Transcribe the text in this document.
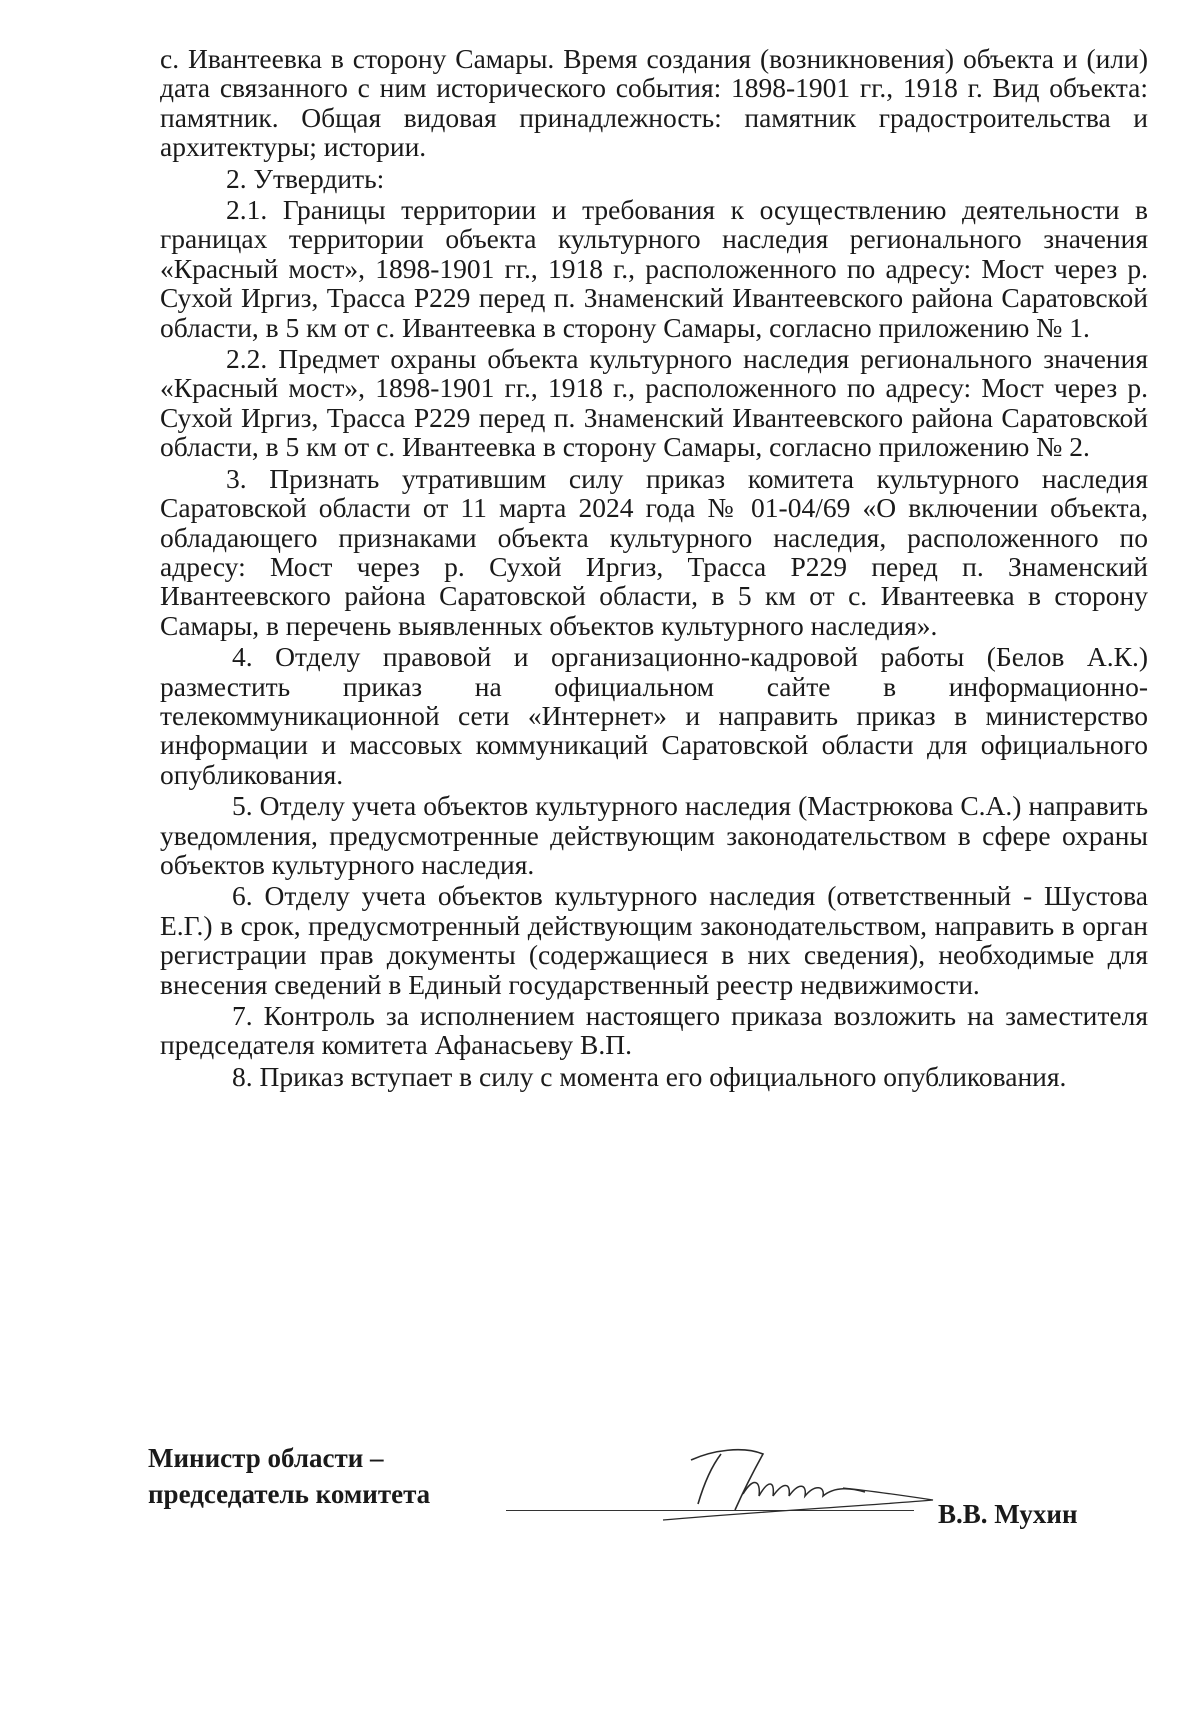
с. Ивантеевка в сторону Самары. Время создания (возникновения) объекта и (или) дата связанного с ним исторического события: 1898-1901 гг., 1918 г. Вид объекта: памятник. Общая видовая принадлежность: памятник градостроительства и архитектуры; истории.

2. Утвердить:

2.1. Границы территории и требования к осуществлению деятельности в границах территории объекта культурного наследия регионального значения «Красный мост», 1898-1901 гг., 1918 г., расположенного по адресу: Мост через р. Сухой Иргиз, Трасса Р229 перед п. Знаменский Ивантеевского района Саратовской области, в 5 км от с. Ивантеевка в сторону Самары, согласно приложению № 1.

2.2. Предмет охраны объекта культурного наследия регионального значения «Красный мост», 1898-1901 гг., 1918 г., расположенного по адресу: Мост через р. Сухой Иргиз, Трасса Р229 перед п. Знаменский Ивантеевского района Саратовской области, в 5 км от с. Ивантеевка в сторону Самары, согласно приложению № 2.

3. Признать утратившим силу приказ комитета культурного наследия Саратовской области от 11 марта 2024 года № 01-04/69 «О включении объекта, обладающего признаками объекта культурного наследия, расположенного по адресу: Мост через р. Сухой Иргиз, Трасса Р229 перед п. Знаменский Ивантеевского района Саратовской области, в 5 км от с. Ивантеевка в сторону Самары, в перечень выявленных объектов культурного наследия».

4. Отделу правовой и организационно-кадровой работы (Белов А.К.) разместить приказ на официальном сайте в информационно-телекоммуникационной сети «Интернет» и направить приказ в министерство информации и массовых коммуникаций Саратовской области для официального опубликования.

5. Отделу учета объектов культурного наследия (Мастрюкова С.А.) направить уведомления, предусмотренные действующим законодательством в сфере охраны объектов культурного наследия.

6. Отделу учета объектов культурного наследия (ответственный - Шустова Е.Г.) в срок, предусмотренный действующим законодательством, направить в орган регистрации прав документы (содержащиеся в них сведения), необходимые для внесения сведений в Единый государственный реестр недвижимости.

7. Контроль за исполнением настоящего приказа возложить на заместителя председателя комитета Афанасьеву В.П.

8. Приказ вступает в силу с момента его официального опубликования.

Министр области –
председатель комитета
В.В. Мухин
